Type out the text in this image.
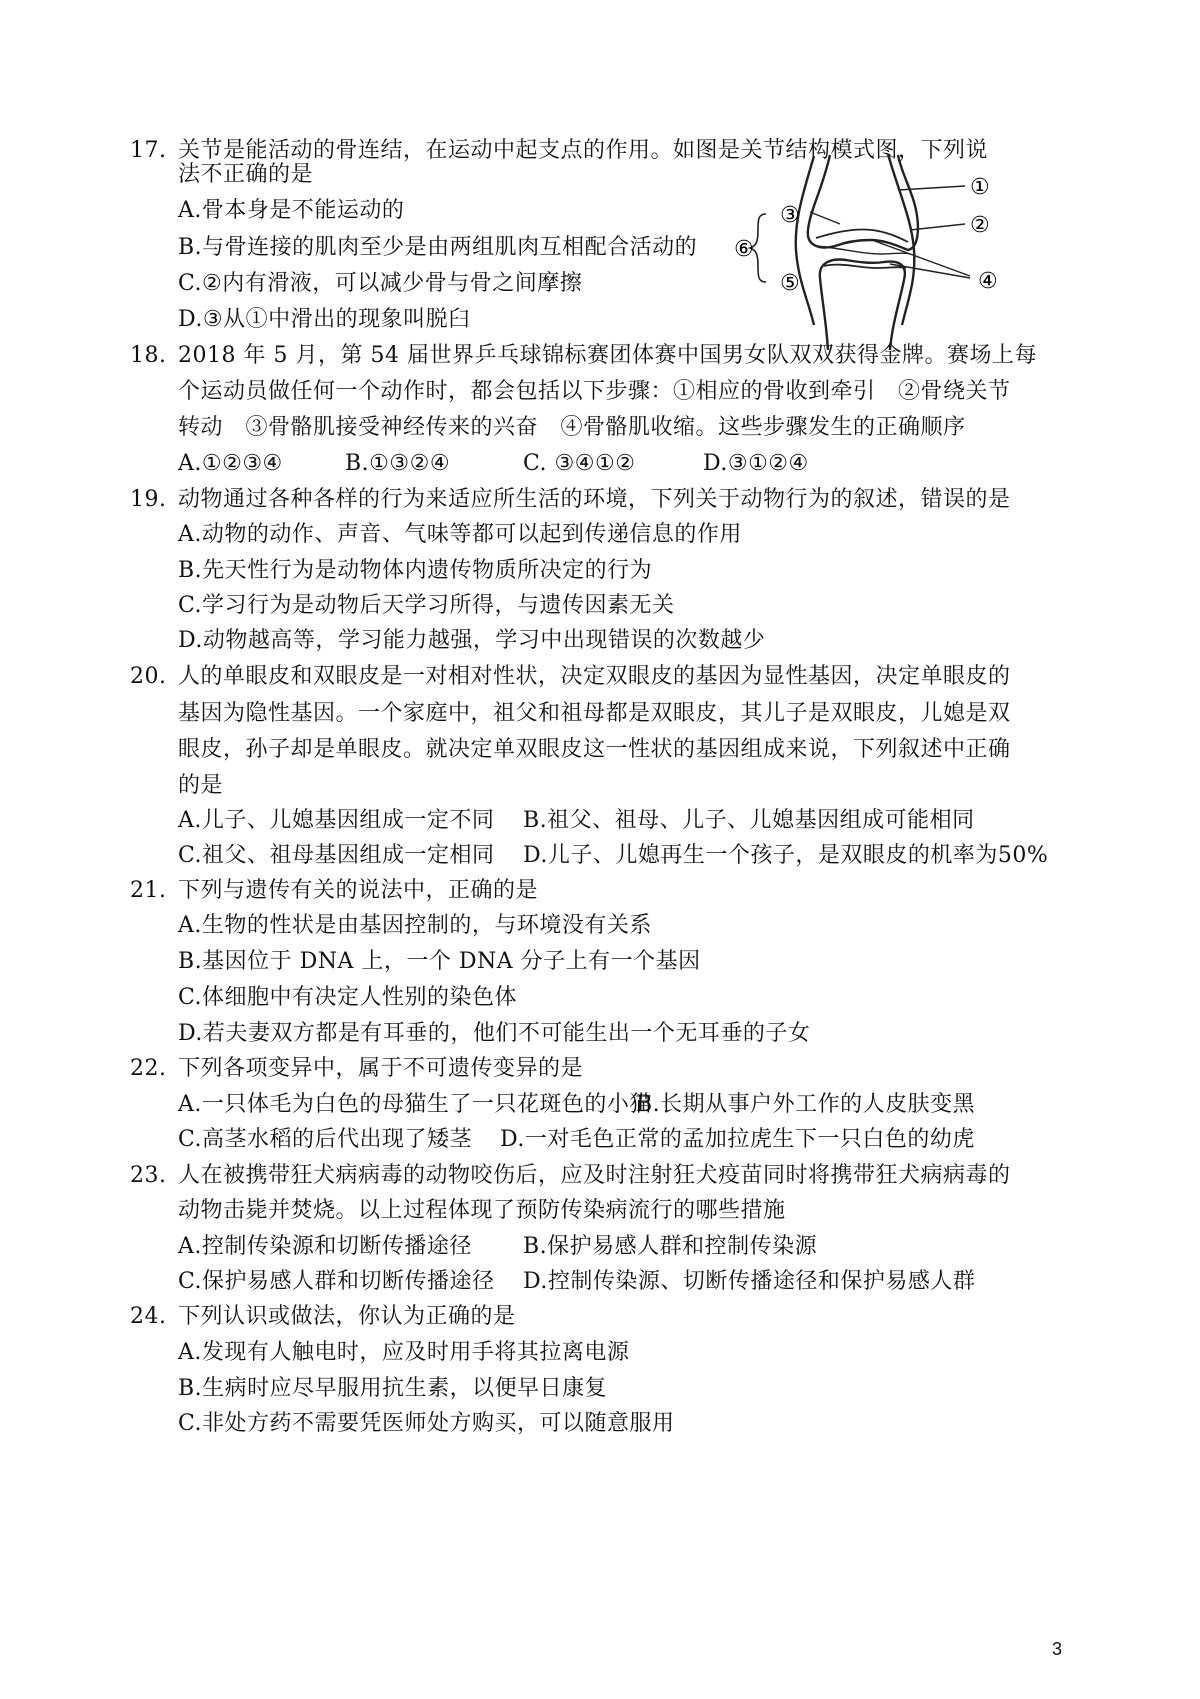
17. 关节是能活动的骨连结，在运动中起支点的作用。如图是关节结构模式图，下列说
法不正确的是
A.骨本身是不能运动的
B.与骨连接的肌肉至少是由两组肌肉互相配合活动的
C.②内有滑液，可以减少骨与骨之间摩擦
D.③从①中滑出的现象叫脱臼
①
②
③
④
⑤
⑥
18. 2018 年 5 月，第 54 届世界乒乓球锦标赛团体赛中国男女队双双获得金牌。赛场上每
个运动员做任何一个动作时，都会包括以下步骤：①相应的骨收到牵引　②骨绕关节
转动　③骨骼肌接受神经传来的兴奋　④骨骼肌收缩。这些步骤发生的正确顺序
A.①②③④	B.①③②④	C. ③④①②	D.③①②④
19. 动物通过各种各样的行为来适应所生活的环境，下列关于动物行为的叙述，错误的是
A.动物的动作、声音、气味等都可以起到传递信息的作用
B.先天性行为是动物体内遗传物质所决定的行为
C.学习行为是动物后天学习所得，与遗传因素无关
D.动物越高等，学习能力越强，学习中出现错误的次数越少
20. 人的单眼皮和双眼皮是一对相对性状，决定双眼皮的基因为显性基因，决定单眼皮的
基因为隐性基因。一个家庭中，祖父和祖母都是双眼皮，其儿子是双眼皮，儿媳是双
眼皮，孙子却是单眼皮。就决定单双眼皮这一性状的基因组成来说，下列叙述中正确
的是
A.儿子、儿媳基因组成一定不同 B.祖父、祖母、儿子、儿媳基因组成可能相同
C.祖父、祖母基因组成一定相同 D.儿子、儿媳再生一个孩子，是双眼皮的机率为50%
21. 下列与遗传有关的说法中，正确的是
A.生物的性状是由基因控制的，与环境没有关系
B.基因位于 DNA 上，一个 DNA 分子上有一个基因
C.体细胞中有决定人性别的染色体
D.若夫妻双方都是有耳垂的，他们不可能生出一个无耳垂的子女
22. 下列各项变异中，属于不可遗传变异的是
A.一只体毛为白色的母猫生了一只花斑色的小猫
B.长期从事户外工作的人皮肤变黑
C.高茎水稻的后代出现了矮茎 D.一对毛色正常的孟加拉虎生下一只白色的幼虎
23. 人在被携带狂犬病病毒的动物咬伤后，应及时注射狂犬疫苗同时将携带狂犬病病毒的
动物击毙并焚烧。以上过程体现了预防传染病流行的哪些措施
A.控制传染源和切断传播途径 B.保护易感人群和控制传染源
C.保护易感人群和切断传播途径 D.控制传染源、切断传播途径和保护易感人群
24. 下列认识或做法，你认为正确的是
A.发现有人触电时，应及时用手将其拉离电源
B.生病时应尽早服用抗生素，以便早日康复
C.非处方药不需要凭医师处方购买，可以随意服用
3
